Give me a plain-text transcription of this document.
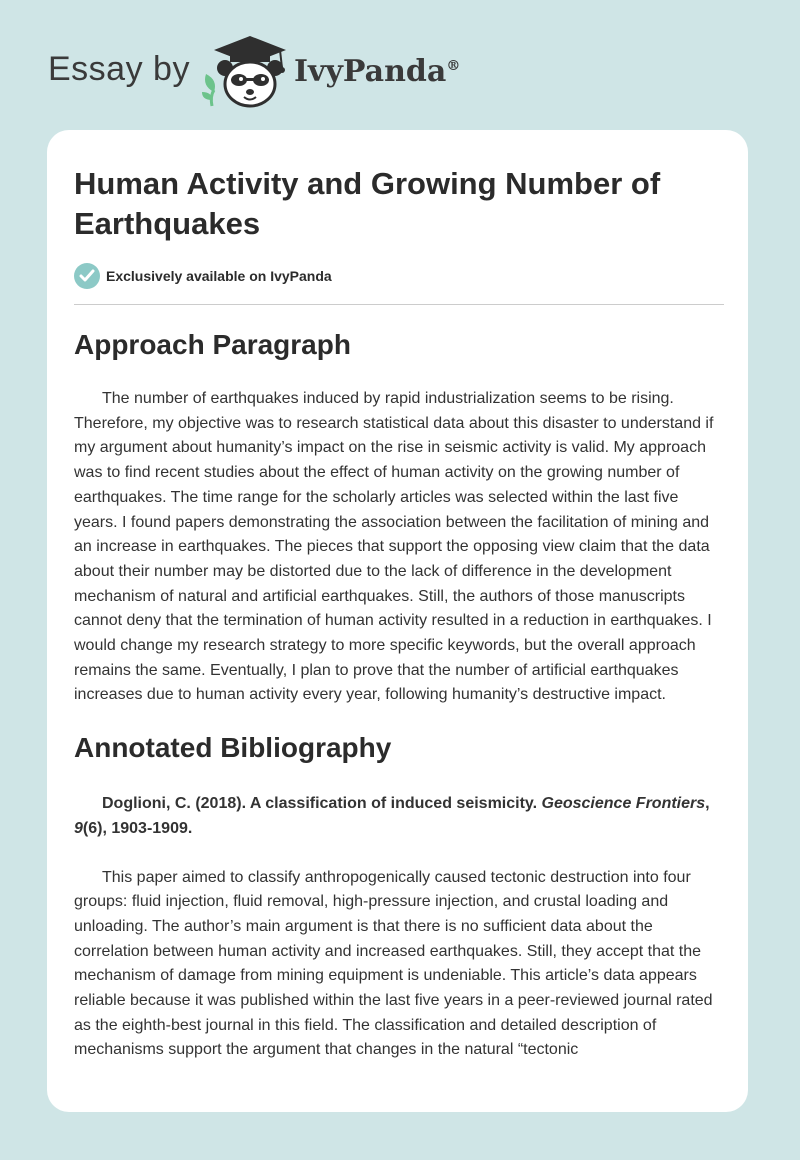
Essay by	IvyPanda®
Human Activity and Growing Number of Earthquakes
Exclusively available on IvyPanda
Approach Paragraph

The number of earthquakes induced by rapid industrialization seems to be rising. Therefore, my objective was to research statistical data about this disaster to understand if my argument about humanity’s impact on the rise in seismic activity is valid. My approach was to find recent studies about the effect of human activity on the growing number of earthquakes. The time range for the scholarly articles was selected within the last five years. I found papers demonstrating the association between the facilitation of mining and an increase in earthquakes. The pieces that support the opposing view claim that the data about their number may be distorted due to the lack of difference in the development mechanism of natural and artificial earthquakes. Still, the authors of those manuscripts cannot deny that the termination of human activity resulted in a reduction in earthquakes. I would change my research strategy to more specific keywords, but the overall approach remains the same. Eventually, I plan to prove that the number of artificial earthquakes increases due to human activity every year, following humanity’s destructive impact.

Annotated Bibliography

Doglioni, C. (2018). A classification of induced seismicity. Geoscience Frontiers, 9(6), 1903-1909.

This paper aimed to classify anthropogenically caused tectonic destruction into four groups: fluid injection, fluid removal, high-pressure injection, and crustal loading and unloading. The author’s main argument is that there is no sufficient data about the correlation between human activity and increased earthquakes. Still, they accept that the mechanism of damage from mining equipment is undeniable. This article’s data appears reliable because it was published within the last five years in a peer-reviewed journal rated as the eighth-best journal in this field. The classification and detailed description of mechanisms support the argument that changes in the natural “tectonic
